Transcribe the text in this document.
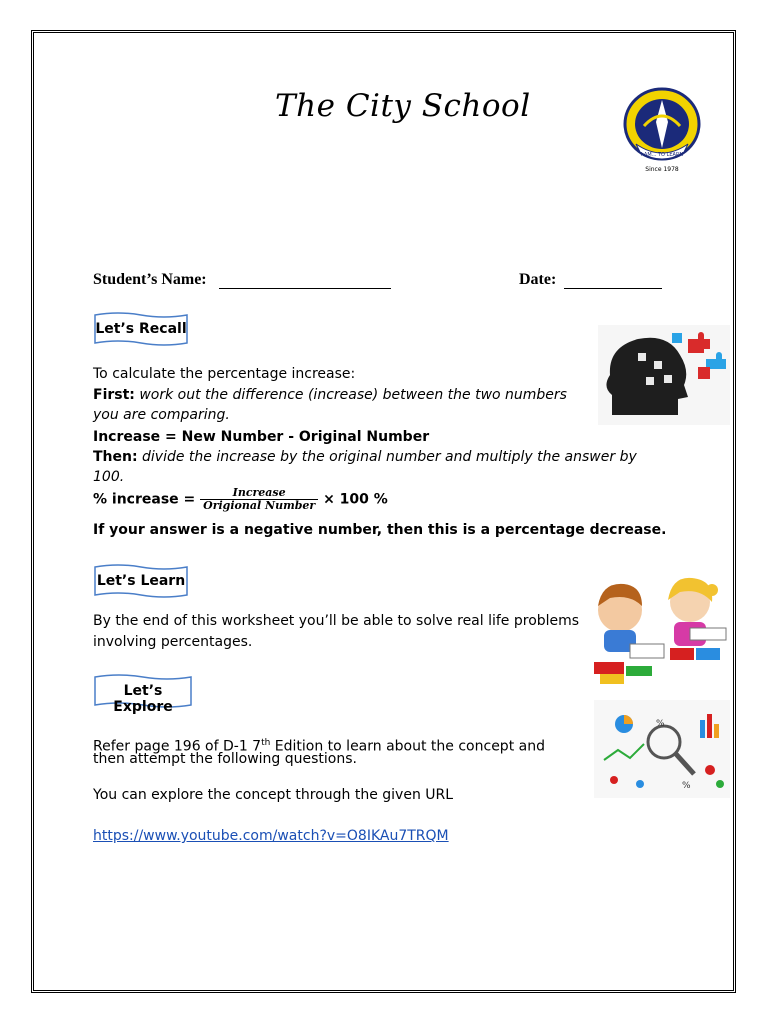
The City School
I AM... TO LEARN
Since 1978
Student’s Name:	Date:
Let’s Recall
To calculate the percentage increase:
First: work out the difference (increase) between the two numbers
you are comparing.
Increase = New Number - Original Number
Then: divide the increase by the original number and multiply the answer by
100.
% increase = $\frac{\text{Increase}}{\text{Origional Number}} \times 100$ %
If your answer is a negative number, then this is a percentage decrease.
Let’s Learn
By the end of this worksheet you’ll be able to solve real life problems
involving percentages.
Let’s Explore
Refer page 196 of D-1 7th Edition to learn about the concept and
then attempt the following questions.
You can explore the concept through the given URL
https://www.youtube.com/watch?v=O8IKAu7TRQM
%
%
